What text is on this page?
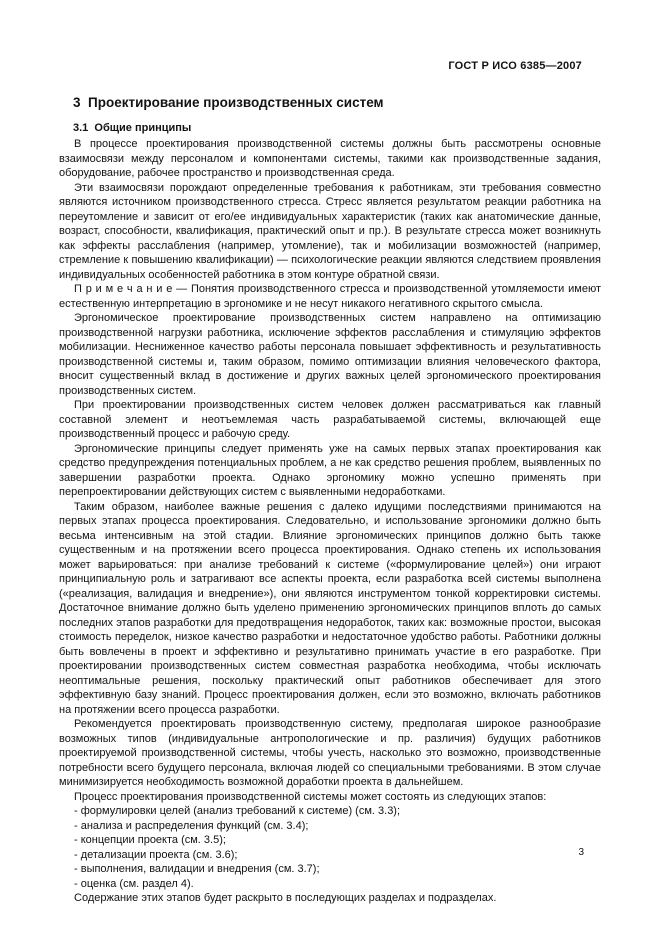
ГОСТ Р ИСО 6385—2007
3  Проектирование производственных систем
3.1  Общие принципы

В процессе проектирования производственной системы должны быть рассмотрены основные взаимосвязи между персоналом и компонентами системы, такими как производственные задания, оборудование, рабочее пространство и производственная среда.

Эти взаимосвязи порождают определенные требования к работникам, эти требования совместно являются источником производственного стресса. Стресс является результатом реакции работника на переутомление и зависит от его/ее индивидуальных характеристик (таких как анатомические данные, возраст, способности, квалификация, практический опыт и пр.). В результате стресса может возникнуть как эффекты расслабления (например, утомление), так и мобилизации возможностей (например, стремление к повышению квалификации) — психологические реакции являются следствием проявления индивидуальных особенностей работника в этом контуре обратной связи.

П р и м е ч а н и е — Понятия производственного стресса и производственной утомляемости имеют естественную интерпретацию в эргономике и не несут никакого негативного скрытого смысла.

Эргономическое проектирование производственных систем направлено на оптимизацию производственной нагрузки работника, исключение эффектов расслабления и стимуляцию эффектов мобилизации. Несниженное качество работы персонала повышает эффективность и результативность производственной системы и, таким образом, помимо оптимизации влияния человеческого фактора, вносит существенный вклад в достижение и других важных целей эргономического проектирования производственных систем.

При проектировании производственных систем человек должен рассматриваться как главный составной элемент и неотъемлемая часть разрабатываемой системы, включающей еще производственный процесс и рабочую среду.

Эргономические принципы следует применять уже на самых первых этапах проектирования как средство предупреждения потенциальных проблем, а не как средство решения проблем, выявленных по завершении разработки проекта. Однако эргономику можно успешно применять при перепроектировании действующих систем с выявленными недоработками.

Таким образом, наиболее важные решения с далеко идущими последствиями принимаются на первых этапах процесса проектирования. Следовательно, и использование эргономики должно быть весьма интенсивным на этой стадии. Влияние эргономических принципов должно быть также существенным и на протяжении всего процесса проектирования. Однако степень их использования может варьироваться: при анализе требований к системе («формулирование целей») они играют принципиальную роль и затрагивают все аспекты проекта, если разработка всей системы выполнена («реализация, валидация и внедрение»), они являются инструментом тонкой корректировки системы. Достаточное внимание должно быть уделено применению эргономических принципов вплоть до самых последних этапов разработки для предотвращения недоработок, таких как: возможные простои, высокая стоимость переделок, низкое качество разработки и недостаточное удобство работы. Работники должны быть вовлечены в проект и эффективно и результативно принимать участие в его разработке. При проектировании производственных систем совместная разработка необходима, чтобы исключать неоптимальные решения, поскольку практический опыт работников обеспечивает для этого эффективную базу знаний. Процесс проектирования должен, если это возможно, включать работников на протяжении всего процесса разработки.

Рекомендуется проектировать производственную систему, предполагая широкое разнообразие возможных типов (индивидуальные антропологические и пр. различия) будущих работников проектируемой производственной системы, чтобы учесть, насколько это возможно, производственные потребности всего будущего персонала, включая людей со специальными требованиями. В этом случае минимизируется необходимость возможной доработки проекта в дальнейшем.

Процесс проектирования производственной системы может состоять из следующих этапов:

- формулировки целей (анализ требований к системе) (см. 3.3);

- анализа и распределения функций (см. 3.4);

- концепции проекта (см. 3.5);

- детализации проекта (см. 3.6);

- выполнения, валидации и внедрения (см. 3.7);

- оценка (см. раздел 4).

Содержание этих этапов будет раскрыто в последующих разделах и подразделах.

3
